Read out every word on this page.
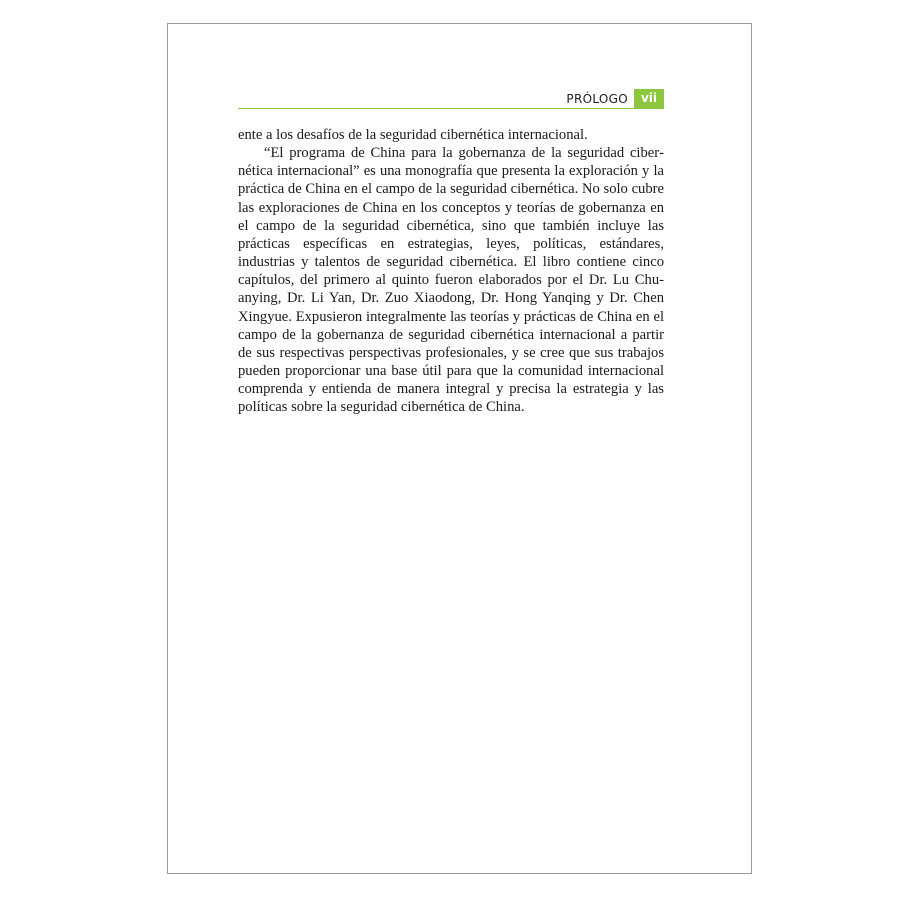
PRÓLOGO	vii

ente a los desafíos de la seguridad cibernética internacional.

“El programa de China para la gobernanza de la seguridad cibernética internacional” es una monografía que presenta la exploración y la práctica de China en el campo de la seguridad cibernética. No solo cubre las exploraciones de China en los conceptos y teorías de gobernanza en el campo de la seguridad cibernética, sino que también incluye las prácticas específicas en estrategias, leyes, políticas, estándares, industrias y talentos de seguridad cibernética. El libro contiene cinco capítulos, del primero al quinto fueron elaborados por el Dr. Lu Chuanying, Dr. Li Yan, Dr. Zuo Xiaodong, Dr. Hong Yanqing y Dr. Chen Xingyue. Expusieron integralmente las teorías y prácticas de China en el campo de la gobernanza de seguridad cibernética internacional a partir de sus respectivas perspectivas profesionales, y se cree que sus trabajos pueden proporcionar una base útil para que la comunidad internacional comprenda y entienda de manera integral y precisa la estrategia y las políticas sobre la seguridad cibernética de China.
